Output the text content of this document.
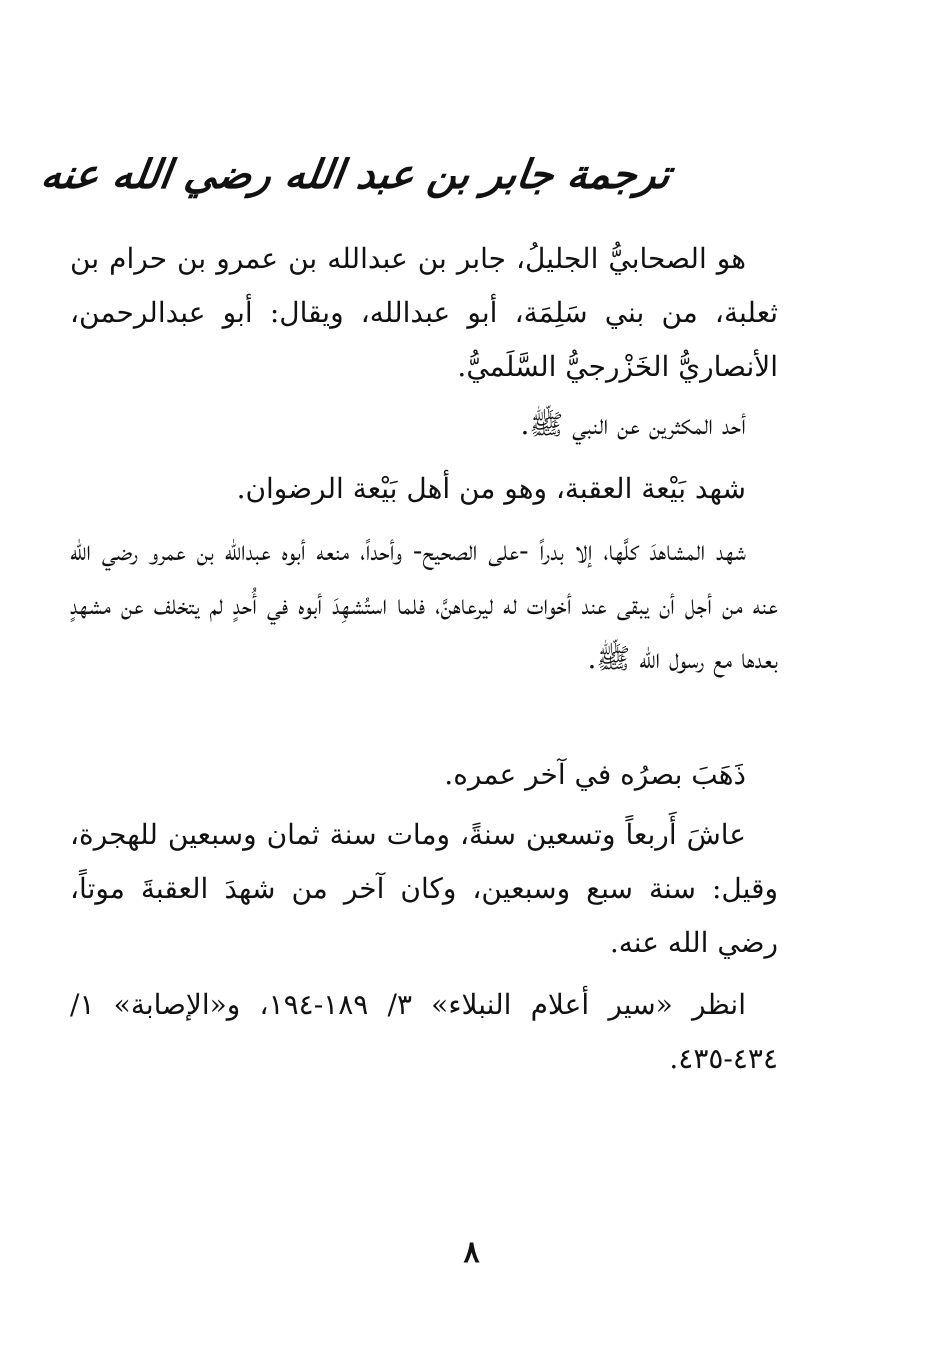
ترجمة جابر بن عبد الله رضي الله عنه

هو الصحابيُّ الجليلُ، جابر بن عبدالله بن عمرو بن حرام بن ثعلبة، من بني سَلِمَة، أبو عبدالله، ويقال: أبو عبدالرحمن، الأنصاريُّ الخَزْرجيُّ السَّلَميُّ.

أحد المكثرين عن النبي ﷺ.

شهد بَيْعة العقبة، وهو من أهل بَيْعة الرضوان.

شهد المشاهدَ كلَّها، إلا بدراً -على الصحيح- وأحداً، منعه أبوه عبدالله بن عمرو رضي الله عنه من أجل أن يبقى عند أخوات له ليرعاهنَّ، فلما استُشهِدَ أبوه في أُحدٍ لم يتخلف عن مشهدٍ بعدها مع رسول الله ﷺ.

ذَهَبَ بصرُه في آخر عمره.

عاشَ أَربعاً وتسعين سنةً، ومات سنة ثمان وسبعين للهجرة، وقيل: سنة سبع وسبعين، وكان آخر من شهدَ العقبةَ موتاً، رضي الله عنه.

انظر «سير أعلام النبلاء» ٣/ ١٨٩-١٩٤، و«الإصابة» ١/ ٤٣٤-٤٣٥.

٨
